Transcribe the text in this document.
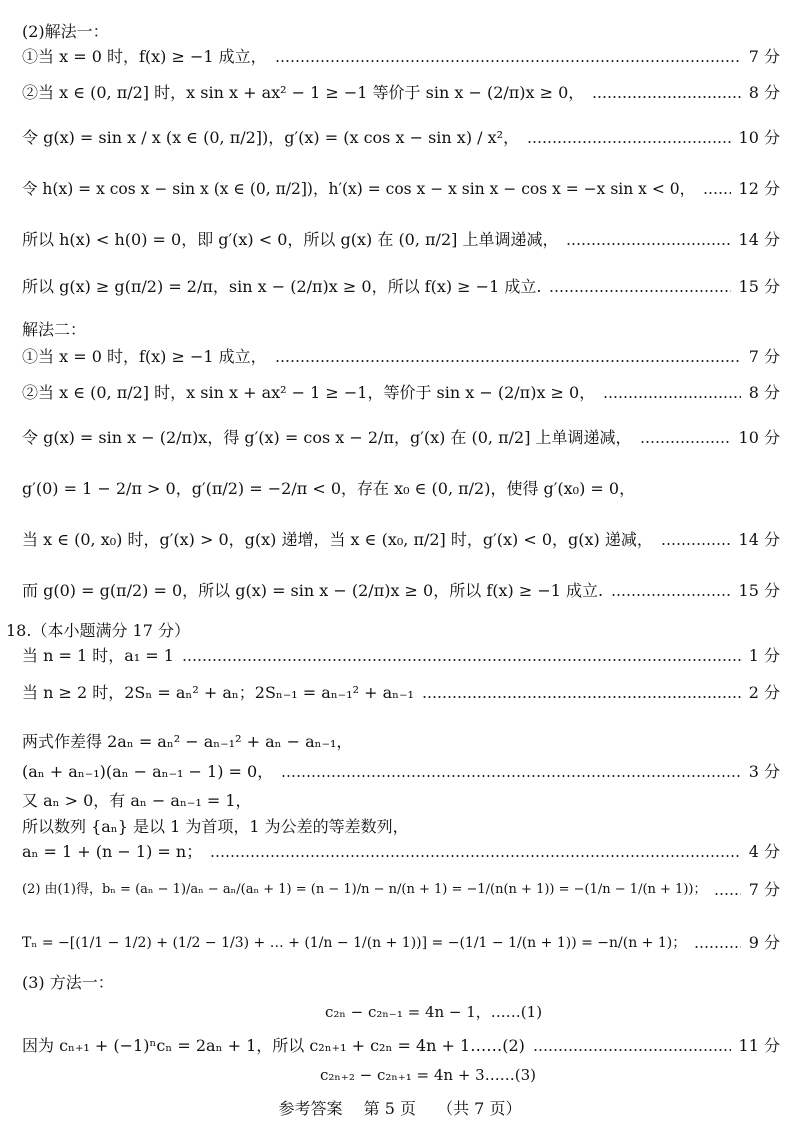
(2)解法一：
①当 x = 0 时，f(x) ≥ −1 成立，	7 分
②当 x ∈ (0, π/2] 时，x sin x + ax² − 1 ≥ −1 等价于 sin x − (2/π)x ≥ 0，	8 分
令 g(x) = sin x / x (x ∈ (0, π/2])，g′(x) = (x cos x − sin x) / x²，	10 分
令 h(x) = x cos x − sin x (x ∈ (0, π/2])，h′(x) = cos x − x sin x − cos x = −x sin x < 0，	12 分
所以 h(x) < h(0) = 0，即 g′(x) < 0，所以 g(x) 在 (0, π/2] 上单调递减，	14 分
所以 g(x) ≥ g(π/2) = 2/π，sin x − (2/π)x ≥ 0，所以 f(x) ≥ −1 成立.	15 分
解法二：
①当 x = 0 时，f(x) ≥ −1 成立，	7 分
②当 x ∈ (0, π/2] 时，x sin x + ax² − 1 ≥ −1，等价于 sin x − (2/π)x ≥ 0，	8 分
令 g(x) = sin x − (2/π)x，得 g′(x) = cos x − 2/π，g′(x) 在 (0, π/2] 上单调递减，	10 分
g′(0) = 1 − 2/π > 0，g′(π/2) = −2/π < 0，存在 x₀ ∈ (0, π/2)，使得 g′(x₀) = 0，
当 x ∈ (0, x₀) 时，g′(x) > 0，g(x) 递增，当 x ∈ (x₀, π/2] 时，g′(x) < 0，g(x) 递减，	14 分
而 g(0) = g(π/2) = 0，所以 g(x) = sin x − (2/π)x ≥ 0，所以 f(x) ≥ −1 成立.	15 分
18.（本小题满分 17 分）
当 n = 1 时，a₁ = 1	1 分
当 n ≥ 2 时，2Sₙ = aₙ² + aₙ；2Sₙ₋₁ = aₙ₋₁² + aₙ₋₁	2 分
两式作差得 2aₙ = aₙ² − aₙ₋₁² + aₙ − aₙ₋₁，
(aₙ + aₙ₋₁)(aₙ − aₙ₋₁ − 1) = 0，	3 分
又 aₙ > 0，有 aₙ − aₙ₋₁ = 1，
所以数列 {aₙ} 是以 1 为首项，1 为公差的等差数列，
aₙ = 1 + (n − 1) = n；	4 分
(2) 由(1)得，bₙ = (aₙ − 1)/aₙ − aₙ/(aₙ + 1) = (n − 1)/n − n/(n + 1) = −1/(n(n + 1)) = −(1/n − 1/(n + 1))；	7 分
Tₙ = −[(1/1 − 1/2) + (1/2 − 1/3) + … + (1/n − 1/(n + 1))] = −(1/1 − 1/(n + 1)) = −n/(n + 1)；	9 分
(3) 方法一：
因为 cₙ₊₁ + (−1)ⁿcₙ = 2aₙ + 1，所以 c₂ₙ₊₁ + c₂ₙ = 4n + 1……(2)	11 分
c₂ₙ − c₂ₙ₋₁ = 4n − 1，……(1)
c₂ₙ₊₂ − c₂ₙ₊₁ = 4n + 3……(3)
参考答案 第 5 页 （共 7 页）
